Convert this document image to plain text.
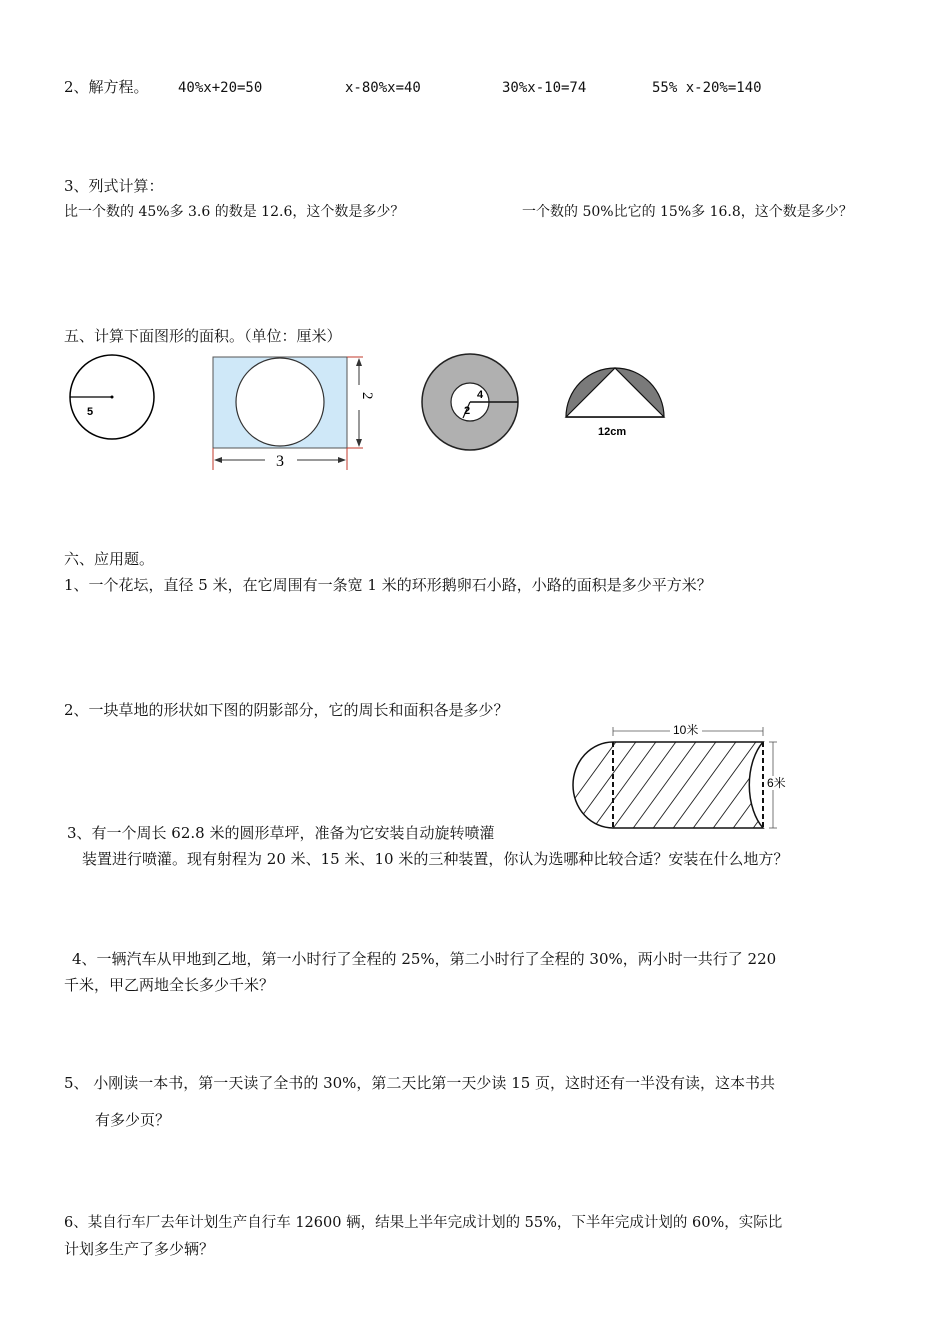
2、解方程。 40%x+20=50	x-80%x=40	30%x-10=74	55% x-20%=140
3、列式计算：
比一个数的 45%多 3.6 的数是 12.6，这个数是多少？	一个数的 50%比它的 15%多 16.8，这个数是多少？
五、计算下面图形的面积。（单位：厘米）
5
2
3
4
2
12cm
六、应用题。
1、一个花坛，直径 5 米，在它周围有一条宽 1 米的环形鹅卵石小路，小路的面积是多少平方米？
2、一块草地的形状如下图的阴影部分，它的周长和面积各是多少？
10米
6米
3、有一个周长 62.8 米的圆形草坪，准备为它安装自动旋转喷灌
装置进行喷灌。现有射程为 20 米、15 米、10 米的三种装置，你认为选哪种比较合适？安装在什么地方？
4、一辆汽车从甲地到乙地，第一小时行了全程的 25%，第二小时行了全程的 30%，两小时一共行了 220
千米，甲乙两地全长多少千米？
5、 小刚读一本书，第一天读了全书的 30%，第二天比第一天少读 15 页，这时还有一半没有读，这本书共
有多少页？
6、某自行车厂去年计划生产自行车 12600 辆，结果上半年完成计划的 55%，下半年完成计划的 60%，实际比
计划多生产了多少辆？
